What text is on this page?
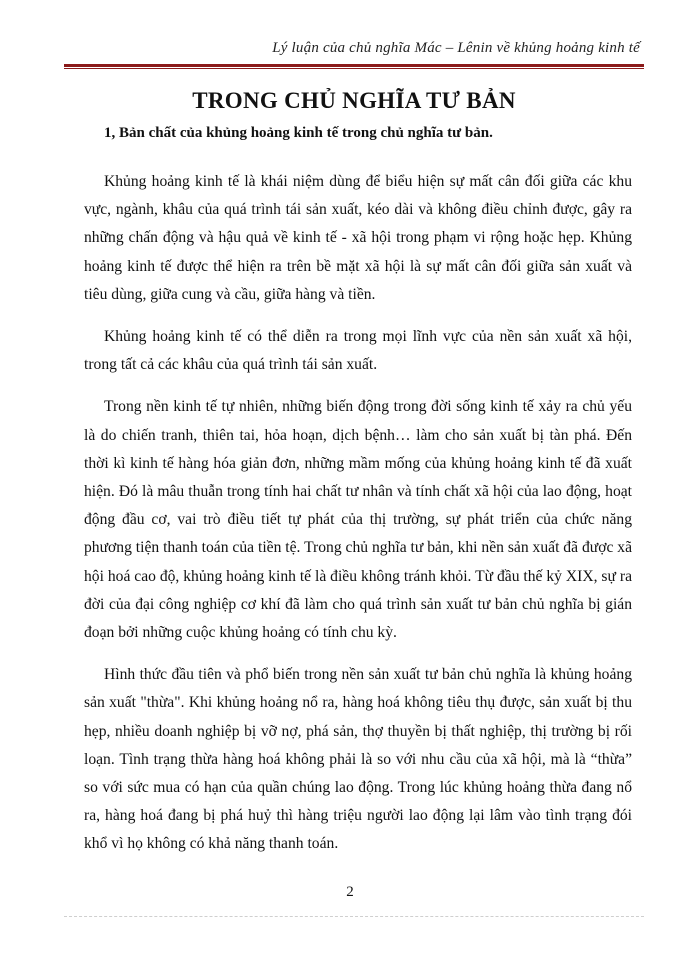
Lý luận của chủ nghĩa Mác – Lênin về khủng hoảng kinh tế
TRONG CHỦ NGHĨA TƯ BẢN
1, Bản chất của khủng hoảng kinh tế trong chủ nghĩa tư bản.

Khủng hoảng kinh tế là khái niệm dùng để biểu hiện sự mất cân đối giữa các khu vực, ngành, khâu của quá trình tái sản xuất, kéo dài và không điều chỉnh được, gây ra những chấn động và hậu quả về kinh tế - xã hội trong phạm vi rộng hoặc hẹp. Khủng hoảng kinh tế được thể hiện ra trên bề mặt xã hội là sự mất cân đối giữa sản xuất và tiêu dùng, giữa cung và cầu, giữa hàng và tiền.

Khủng hoảng kinh tế có thể diễn ra trong mọi lĩnh vực của nền sản xuất xã hội, trong tất cả các khâu của quá trình tái sản xuất.

Trong nền kinh tế tự nhiên, những biến động trong đời sống kinh tế xảy ra chủ yếu là do chiến tranh, thiên tai, hỏa hoạn, dịch bệnh… làm cho sản xuất bị tàn phá. Đến thời kì kinh tế hàng hóa giản đơn, những mầm mống của khủng hoảng kinh tế đã xuất hiện. Đó là mâu thuẫn trong tính hai chất tư nhân và tính chất xã hội của lao động, hoạt động đầu cơ, vai trò điều tiết tự phát của thị trường, sự phát triển của chức năng phương tiện thanh toán của tiền tệ. Trong chủ nghĩa tư bản, khi nền sản xuất đã được xã hội hoá cao độ, khủng hoảng kinh tế là điều không tránh khỏi. Từ đầu thế kỷ XIX, sự ra đời của đại công nghiệp cơ khí đã làm cho quá trình sản xuất tư bản chủ nghĩa bị gián đoạn bởi những cuộc khủng hoảng có tính chu kỳ.

Hình thức đầu tiên và phổ biến trong nền sản xuất tư bản chủ nghĩa là khủng hoảng sản xuất "thừa". Khi khủng hoảng nổ ra, hàng hoá không tiêu thụ được, sản xuất bị thu hẹp, nhiều doanh nghiệp bị vỡ nợ, phá sản, thợ thuyền bị thất nghiệp, thị trường bị rối loạn. Tình trạng thừa hàng hoá không phải là so với nhu cầu của xã hội, mà là “thừa” so với sức mua có hạn của quần chúng lao động. Trong lúc khủng hoảng thừa đang nổ ra, hàng hoá đang bị phá huỷ thì hàng triệu người lao động lại lâm vào tình trạng đói khổ vì họ không có khả năng thanh toán.

2
